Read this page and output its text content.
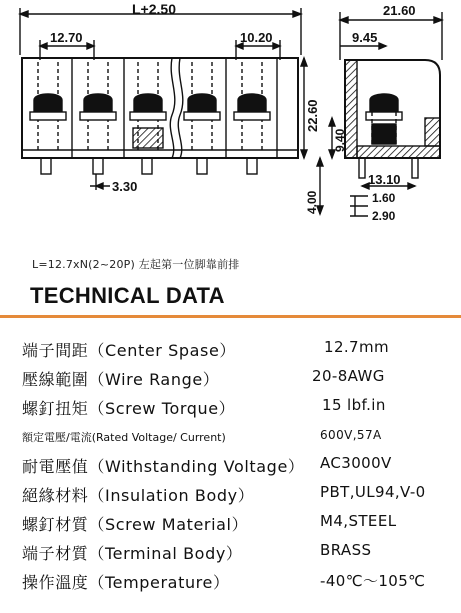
L+2.50
12.70	10.20
22.60
3.30
21.60
9.45
9.40
13.10
4.00	1.60
2.90
L=12.7xN(2~20P) 左起第一位脚靠前排
TECHNICAL DATA
端子間距（Center Spase）	12.7mm
壓線範圍（Wire Range）	20-8AWG
螺釘扭矩（Screw Torque）	15 lbf.in
額定電壓/電流(Rated Voltage/ Current)	600V,57A
耐電壓值（Withstanding Voltage） AC3000V
絕緣材料（Insulation Body）	PBT,UL94,V-0
螺釘材質（Screw Material）	M4,STEEL
端子材質（Terminal Body）	BRASS
操作溫度（Temperature）	-40℃～105℃
